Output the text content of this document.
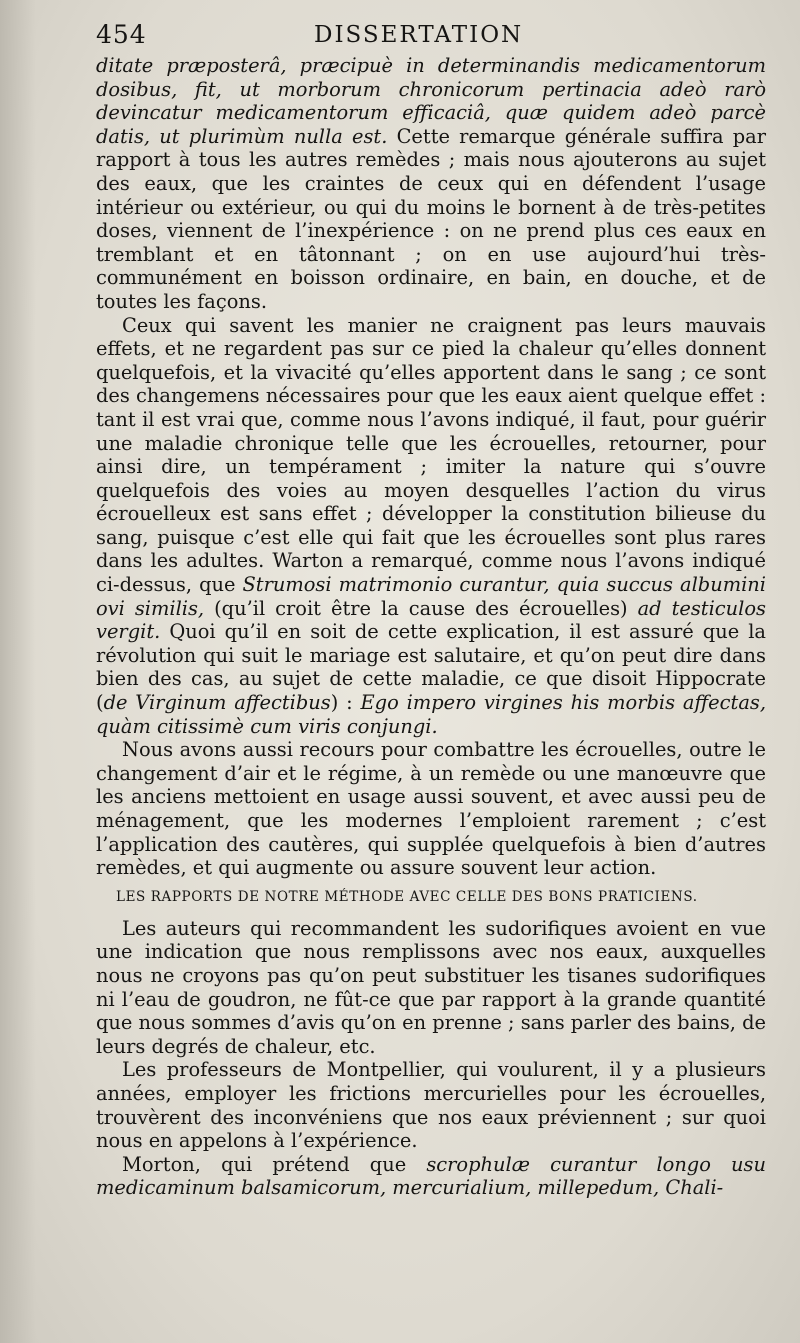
454	DISSERTATION

ditate præposterâ, præcipuè in determinandis medicamentorum dosibus, fit, ut morborum chronicorum pertinacia adeò rarò devincatur medicamentorum efficaciâ, quæ quidem adeò parcè datis, ut plurimùm nulla est. Cette remarque générale suffira par rapport à tous les autres remèdes ; mais nous ajouterons au sujet des eaux, que les craintes de ceux qui en défendent l’usage intérieur ou extérieur, ou qui du moins le bornent à de très-petites doses, viennent de l’inexpérience : on ne prend plus ces eaux en tremblant et en tâtonnant ; on en use aujourd’hui très-communément en boisson ordinaire, en bain, en douche, et de toutes les façons.

Ceux qui savent les manier ne craignent pas leurs mauvais effets, et ne regardent pas sur ce pied la chaleur qu’elles donnent quelquefois, et la vivacité qu’elles apportent dans le sang ; ce sont des changemens nécessaires pour que les eaux aient quelque effet : tant il est vrai que, comme nous l’avons indiqué, il faut, pour guérir une maladie chronique telle que les écrouelles, retourner, pour ainsi dire, un tempérament ; imiter la nature qui s’ouvre quelquefois des voies au moyen desquelles l’action du virus écrouelleux est sans effet ; développer la constitution bilieuse du sang, puisque c’est elle qui fait que les écrouelles sont plus rares dans les adultes. Warton a remarqué, comme nous l’avons indiqué ci-dessus, que Strumosi matrimonio curantur, quia succus albumini ovi similis, (qu’il croit être la cause des écrouelles) ad testiculos vergit. Quoi qu’il en soit de cette explication, il est assuré que la révolution qui suit le mariage est salutaire, et qu’on peut dire dans bien des cas, au sujet de cette maladie, ce que disoit Hippocrate (de Virginum affectibus) : Ego impero virgines his morbis affectas, quàm citissimè cum viris conjungi.

Nous avons aussi recours pour combattre les écrouelles, outre le changement d’air et le régime, à un remède ou une manœuvre que les anciens mettoient en usage aussi souvent, et avec aussi peu de ménagement, que les modernes l’emploient rarement ; c’est l’application des cautères, qui supplée quelquefois à bien d’autres remèdes, et qui augmente ou assure souvent leur action.

LES RAPPORTS DE NOTRE MÉTHODE AVEC CELLE DES BONS PRATICIENS.

Les auteurs qui recommandent les sudorifiques avoient en vue une indication que nous remplissons avec nos eaux, auxquelles nous ne croyons pas qu’on peut substituer les tisanes sudorifiques ni l’eau de goudron, ne fût-ce que par rapport à la grande quantité que nous sommes d’avis qu’on en prenne ; sans parler des bains, de leurs degrés de chaleur, etc.

Les professeurs de Montpellier, qui voulurent, il y a plusieurs années, employer les frictions mercurielles pour les écrouelles, trouvèrent des inconvéniens que nos eaux préviennent ; sur quoi nous en appelons à l’expérience.

Morton, qui prétend que scrophulæ curantur longo usu medicaminum balsamicorum, mercurialium, millepedum, Chali-
